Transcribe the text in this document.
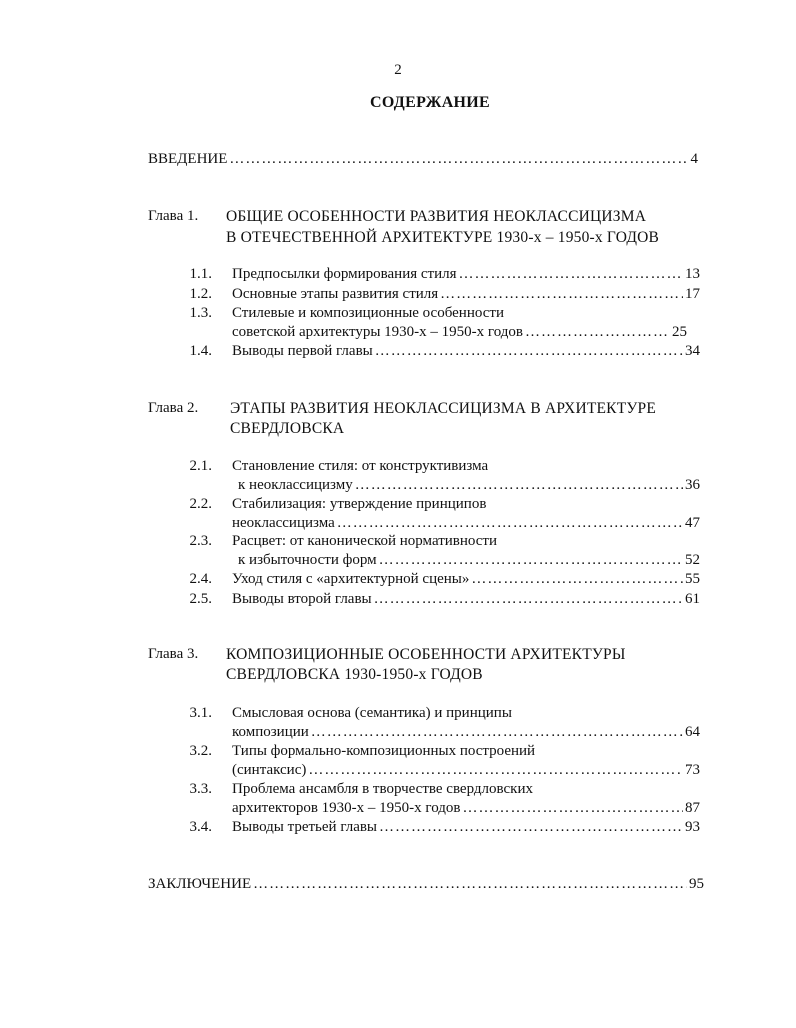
2
СОДЕРЖАНИЕ
ВВЕДЕНИЕ ……………………………………………………………………………………………………………………………………………………………………………………………	4
Глава 1. ОБЩИЕ ОСОБЕННОСТИ РАЗВИТИЯ НЕОКЛАССИЦИЗМА
В ОТЕЧЕСТВЕННОЙ АРХИТЕКТУРЕ 1930-х – 1950-х ГОДОВ
1.1. Предпосылки формирования стиля ……………………………………………………………………………………………………………………………………………………………………………………………	13
1.2. Основные этапы развития стиля ……………………………………………………………………………………………………………………………………………………………………………………………	17
1.3. Стилевые и композиционные особенности
советской архитектуры 1930-х – 1950-х годов ……………………………………………………………………………………………………………………………………………………………………………………………	25
1.4. Выводы первой главы ……………………………………………………………………………………………………………………………………………………………………………………………	34
Глава 2. ЭТАПЫ РАЗВИТИЯ НЕОКЛАССИЦИЗМА В АРХИТЕКТУРЕ
СВЕРДЛОВСКА
2.1. Становление стиля: от конструктивизма
к неоклассицизму ……………………………………………………………………………………………………………………………………………………………………………………………	36
2.2. Стабилизация: утверждение принципов
неоклассицизма ……………………………………………………………………………………………………………………………………………………………………………………………	47
2.3. Расцвет: от канонической нормативности
к избыточности форм ……………………………………………………………………………………………………………………………………………………………………………………………	52
2.4. Уход стиля с «архитектурной сцены» ……………………………………………………………………………………………………………………………………………………………………………………………	55
2.5. Выводы второй главы ……………………………………………………………………………………………………………………………………………………………………………………………	61
Глава 3. КОМПОЗИЦИОННЫЕ ОСОБЕННОСТИ АРХИТЕКТУРЫ
СВЕРДЛОВСКА 1930-1950-х ГОДОВ
3.1. Смысловая основа (семантика) и принципы
композиции ……………………………………………………………………………………………………………………………………………………………………………………………	64
3.2. Типы формально-композиционных построений
(синтаксис) ……………………………………………………………………………………………………………………………………………………………………………………………	73
3.3. Проблема ансамбля в творчестве свердловских
архитекторов 1930-х – 1950-х годов ……………………………………………………………………………………………………………………………………………………………………………………………	87
3.4. Выводы третьей главы ……………………………………………………………………………………………………………………………………………………………………………………………	93
ЗАКЛЮЧЕНИЕ ……………………………………………………………………………………………………………………………………………………………………………………………	95
